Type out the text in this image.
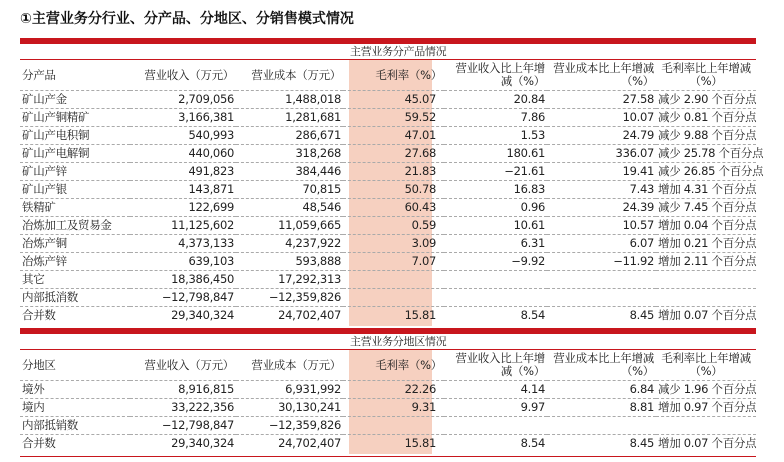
①主营业务分行业、分产品、分地区、分销售模式情况
主营业务分产品情况						
分产品	营业收入（万元）	营业成本（万元）	毛利率（%）	营业收入比上年增减（%）	营业成本比上年增减（%）	毛利率比上年增减（%）
矿山产金	2,709,056	1,488,018	45.07	20.84	27.58	减少 2.90 个百分点
矿山产铜精矿	3,166,381	1,281,681	59.52	7.86	10.07	减少 0.81 个百分点
矿山产电积铜	540,993	286,671	47.01	1.53	24.79	减少 9.88 个百分点
矿山产电解铜	440,060	318,268	27.68	180.61	336.07	减少 25.78 个百分点
矿山产锌	491,823	384,446	21.83	−21.61	19.41	减少 26.85 个百分点
矿山产银	143,871	70,815	50.78	16.83	7.43	增加 4.31 个百分点
铁精矿	122,699	48,546	60.43	0.96	24.39	减少 7.45 个百分点
冶炼加工及贸易金	11,125,602	11,059,665	0.59	10.61	10.57	增加 0.04 个百分点
冶炼产铜	4,373,133	4,237,922	3.09	6.31	6.07	增加 0.21 个百分点
冶炼产锌	639,103	593,888	7.07	−9.92	−11.92	增加 2.11 个百分点
其它	18,386,450	17,292,313				
内部抵消数	−12,798,847	−12,359,826				
合并数	29,340,324	24,702,407	15.81	8.54	8.45	增加 0.07 个百分点
主营业务分地区情况						
分地区	营业收入（万元）	营业成本（万元）	毛利率（%）	营业收入比上年增减（%）	营业成本比上年增减（%）	毛利率比上年增减（%）
境外	8,916,815	6,931,992	22.26	4.14	6.84	减少 1.96 个百分点
境内	33,222,356	30,130,241	9.31	9.97	8.81	增加 0.97 个百分点
内部抵销数	−12,798,847	−12,359,826				
合并数	29,340,324	24,702,407	15.81	8.54	8.45	增加 0.07 个百分点
